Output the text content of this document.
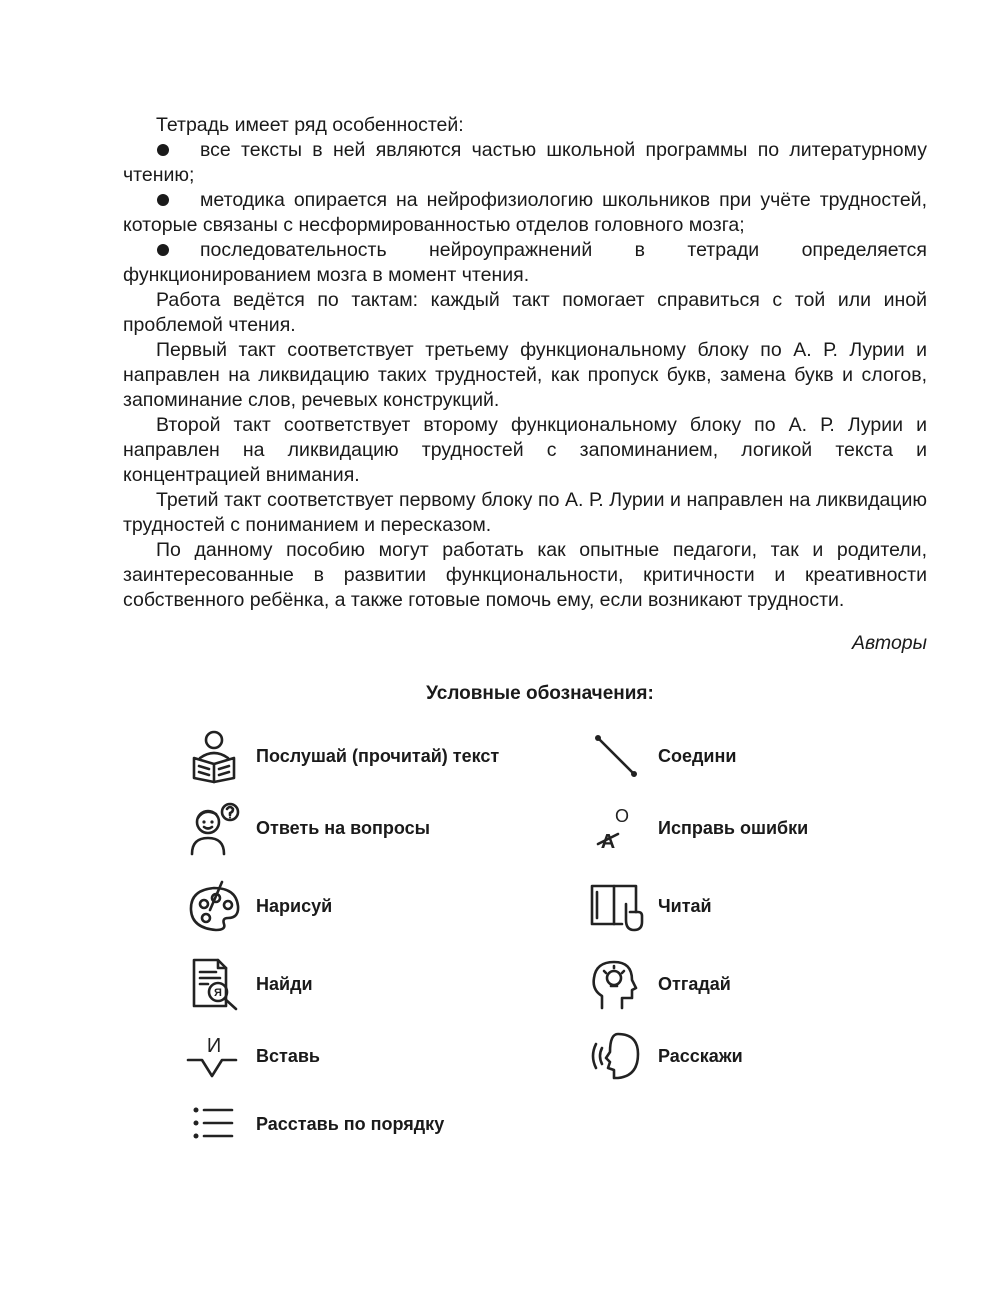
Тетрадь имеет ряд особенностей:

все тексты в ней являются частью школьной программы по литературному чтению;

методика опирается на нейрофизиологию школьников при учёте трудностей, которые связаны с несформированностью отделов головного мозга;

последовательность нейроупражнений в тетради определяется функционированием мозга в момент чтения.

Работа ведётся по тактам: каждый такт помогает справиться с той или иной проблемой чтения.

Первый такт соответствует третьему функциональному блоку по А. Р. Лурии и направлен на ликвидацию таких трудностей, как пропуск букв, замена букв и слогов, запоминание слов, речевых конструкций.

Второй такт соответствует второму функциональному блоку по А. Р. Лурии и направлен на ликвидацию трудностей с запоминанием, логикой текста и концентрацией внимания.

Третий такт соответствует первому блоку по А. Р. Лурии и направлен на ликвидацию трудностей с пониманием и пересказом.

По данному пособию могут работать как опытные педагоги, так и родители, заинтересованные в развитии функциональности, критичности и креативности собственного ребёнка, а также готовые помочь ему, если возникают трудности.

Авторы
Условные обозначения:
Послушай (прочитай) текст
Ответь на вопросы
Нарисуй
Я Найди
И Вставь
Расставь по порядку
Соедини
О
А
Исправь ошибки
Читай
Отгадай
Расскажи
